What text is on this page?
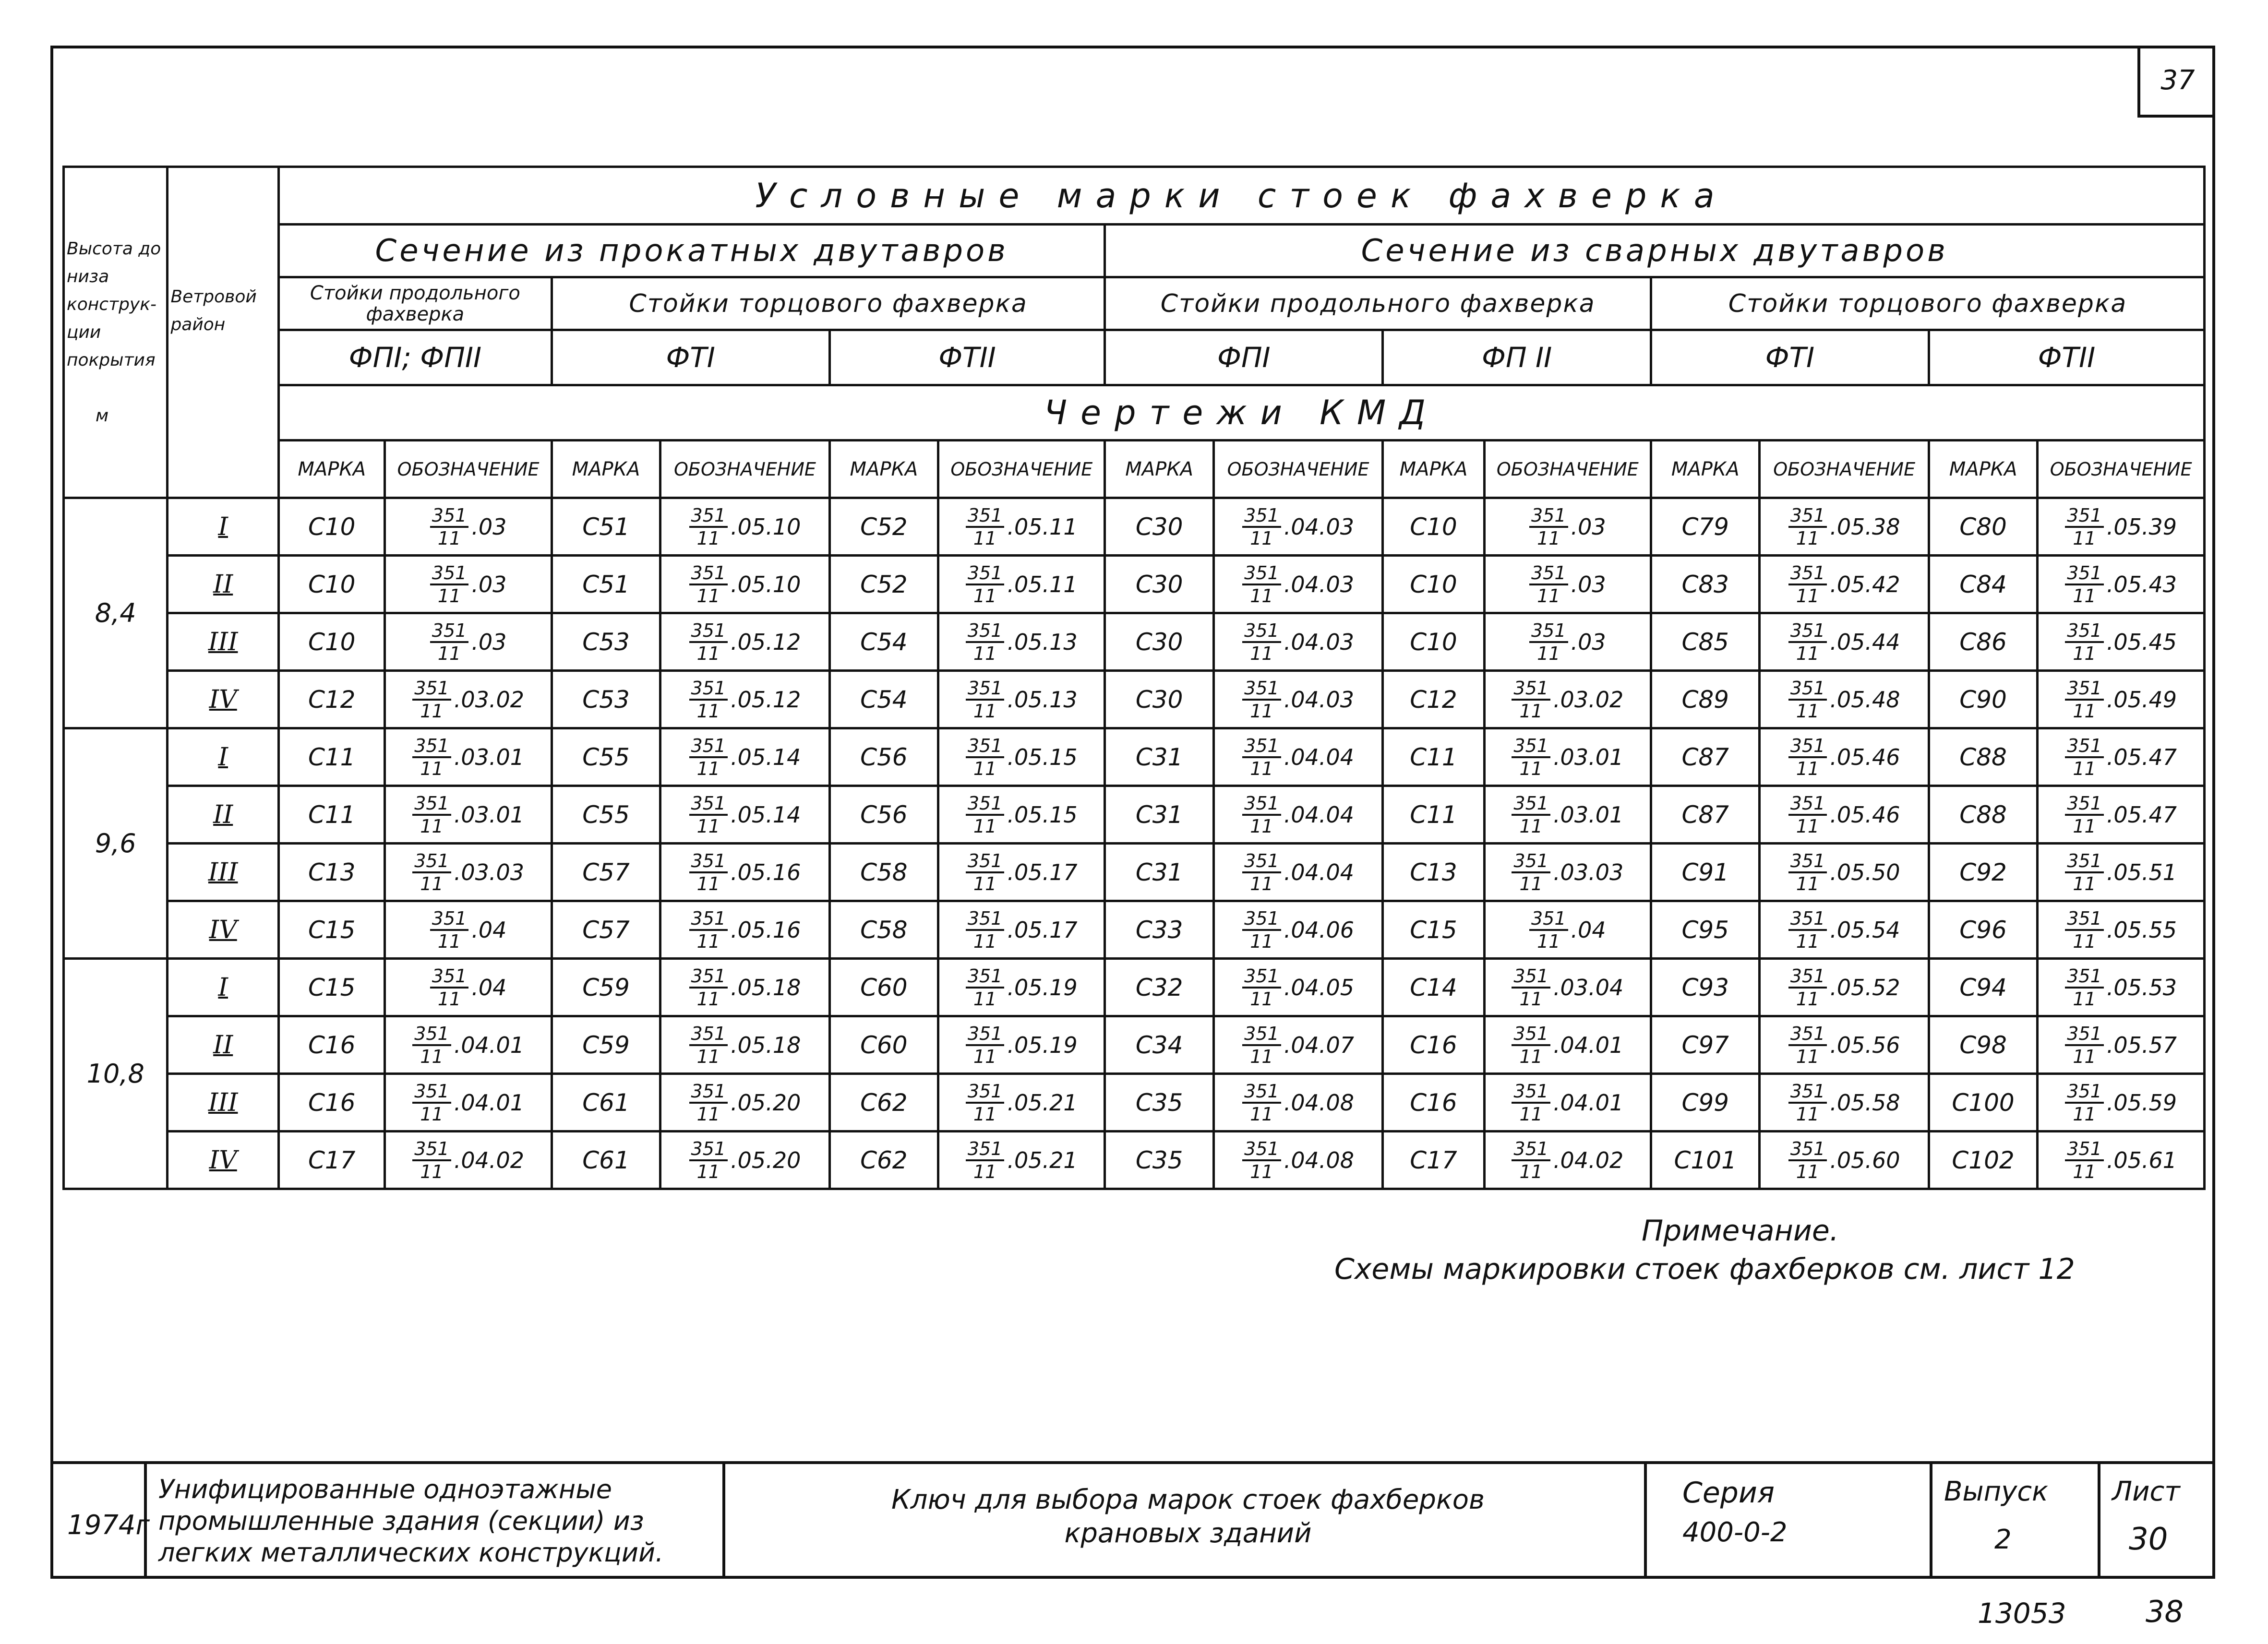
37
Высота до низа конструк-ции покрытия

м	Ветровой район	Условные марки стоек фахверка													
		Сечение из прокатных двутавров						Сечение из сварных двутавров							
		Стойки продольного фахверка		Стойки торцового фахверка				Стойки продольного фахверка				Стойки торцового фахверка			
		ФПI; ФПII		ФТI		ФТII		ФПI		ФП II		ФТI		ФТII	
		Чертежи КМД													
		МАРКА	ОБОЗНАЧЕНИЕ	МАРКА	ОБОЗНАЧЕНИЕ	МАРКА	ОБОЗНАЧЕНИЕ	МАРКА	ОБОЗНАЧЕНИЕ	МАРКА	ОБОЗНАЧЕНИЕ	МАРКА	ОБОЗНАЧЕНИЕ	МАРКА	ОБОЗНАЧЕНИЕ
8,4	I	С10	$\frac{351}{11} .03$	С51	$\frac{351}{11} .05.10$	С52	$\frac{351}{11} .05.11$	С30	$\frac{351}{11} .04.03$	С10	$\frac{351}{11} .03$	С79	$\frac{351}{11} .05.38$	С80	$\frac{351}{11} .05.39$

	II	С10	$\frac{351}{11} .03$	С51	$\frac{351}{11} .05.10$	С52	$\frac{351}{11} .05.11$	С30	$\frac{351}{11} .04.03$	С10	$\frac{351}{11} .03$	С83	$\frac{351}{11} .05.42$	С84	$\frac{351}{11} .05.43$

	III	С10	$\frac{351}{11} .03$	С53	$\frac{351}{11} .05.12$	С54	$\frac{351}{11} .05.13$	С30	$\frac{351}{11} .04.03$	С10	$\frac{351}{11} .03$	С85	$\frac{351}{11} .05.44$	С86	$\frac{351}{11} .05.45$

	IV	С12	$\frac{351}{11} .03.02$	С53	$\frac{351}{11} .05.12$	С54	$\frac{351}{11} .05.13$	С30	$\frac{351}{11} .04.03$	С12	$\frac{351}{11} .03.02$	С89	$\frac{351}{11} .05.48$	С90	$\frac{351}{11} .05.49$

9,6	I	С11	$\frac{351}{11} .03.01$	С55	$\frac{351}{11} .05.14$	С56	$\frac{351}{11} .05.15$	С31	$\frac{351}{11} .04.04$	С11	$\frac{351}{11} .03.01$	С87	$\frac{351}{11} .05.46$	С88	$\frac{351}{11} .05.47$

	II	С11	$\frac{351}{11} .03.01$	С55	$\frac{351}{11} .05.14$	С56	$\frac{351}{11} .05.15$	С31	$\frac{351}{11} .04.04$	С11	$\frac{351}{11} .03.01$	С87	$\frac{351}{11} .05.46$	С88	$\frac{351}{11} .05.47$

	III	С13	$\frac{351}{11} .03.03$	С57	$\frac{351}{11} .05.16$	С58	$\frac{351}{11} .05.17$	С31	$\frac{351}{11} .04.04$	С13	$\frac{351}{11} .03.03$	С91	$\frac{351}{11} .05.50$	С92	$\frac{351}{11} .05.51$

	IV	С15	$\frac{351}{11} .04$	С57	$\frac{351}{11} .05.16$	С58	$\frac{351}{11} .05.17$	С33	$\frac{351}{11} .04.06$	С15	$\frac{351}{11} .04$	С95	$\frac{351}{11} .05.54$	С96	$\frac{351}{11} .05.55$

10,8	I	С15	$\frac{351}{11} .04$	С59	$\frac{351}{11} .05.18$	С60	$\frac{351}{11} .05.19$	С32	$\frac{351}{11} .04.05$	С14	$\frac{351}{11} .03.04$	С93	$\frac{351}{11} .05.52$	С94	$\frac{351}{11} .05.53$

	II	С16	$\frac{351}{11} .04.01$	С59	$\frac{351}{11} .05.18$	С60	$\frac{351}{11} .05.19$	С34	$\frac{351}{11} .04.07$	С16	$\frac{351}{11} .04.01$	С97	$\frac{351}{11} .05.56$	С98	$\frac{351}{11} .05.57$

	III	С16	$\frac{351}{11} .04.01$	С61	$\frac{351}{11} .05.20$	С62	$\frac{351}{11} .05.21$	С35	$\frac{351}{11} .04.08$	С16	$\frac{351}{11} .04.01$	С99	$\frac{351}{11} .05.58$	С100	$\frac{351}{11} .05.59$

	IV	С17	$\frac{351}{11} .04.02$	С61	$\frac{351}{11} .05.20$	С62	$\frac{351}{11} .05.21$	С35	$\frac{351}{11} .04.08$	С17	$\frac{351}{11} .04.02$	С101	$\frac{351}{11} .05.60$	С102	$\frac{351}{11} .05.61$
Примечание.
Схемы маркировки стоек фахберков см. лист 12
1974г
Унифицированные одноэтажные
промышленные здания (секции) из
легких металлических конструкций.
Ключ для выбора марок стоек фахберков
крановых зданий
Серия
400-0-2
Выпуск
2
Лист
30
13053	38
